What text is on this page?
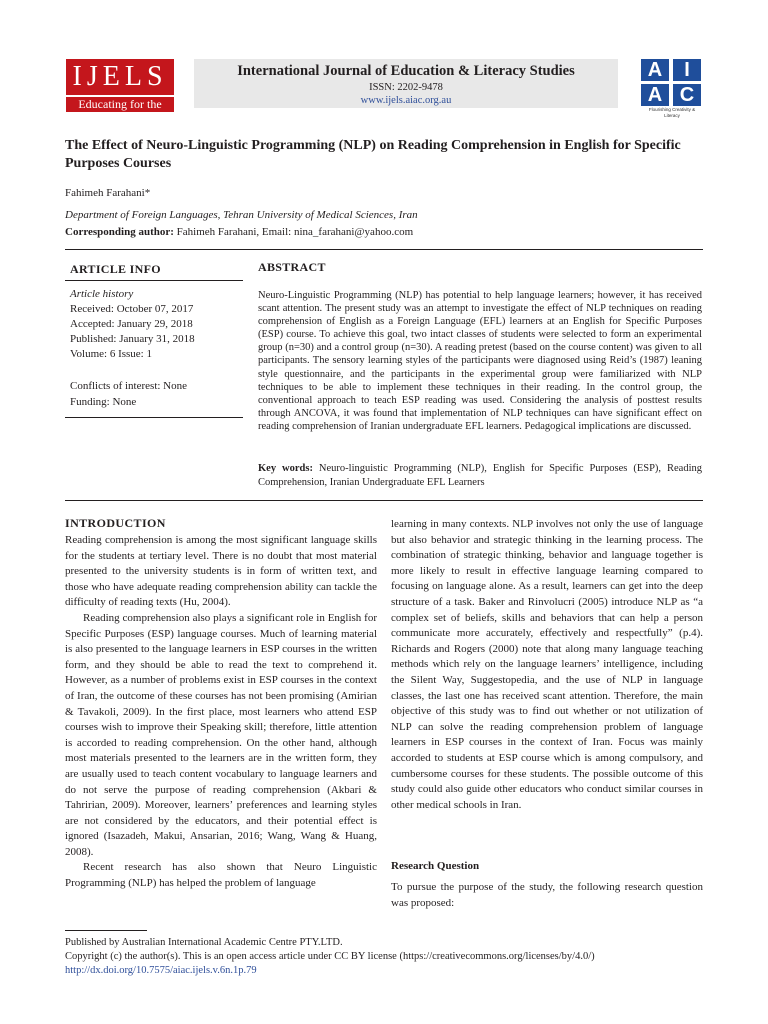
IJELS
Educating for the Future
International Journal of Education & Literacy Studies
ISSN: 2202-9478
www.ijels.aiac.org.au
A	I
A C
Flourishing Creativity & Literacy
The Effect of Neuro-Linguistic Programming (NLP) on Reading Comprehension in English for Specific Purposes Courses
Fahimeh Farahani*
Department of Foreign Languages, Tehran University of Medical Sciences, Iran
Corresponding author: Fahimeh Farahani, Email: nina_farahani@yahoo.com
ARTICLE INFO
Article history
Received: October 07, 2017
Accepted: January 29, 2018
Published: January 31, 2018
Volume: 6 Issue: 1
Conflicts of interest: None
Funding: None
ABSTRACT
Neuro-Linguistic Programming (NLP) has potential to help language learners; however, it has received scant attention. The present study was an attempt to investigate the effect of NLP techniques on reading comprehension of English as a Foreign Language (EFL) learners at an English for Specific Purposes (ESP) course. To achieve this goal, two intact classes of students were selected to form an experimental group (n=30) and a control group (n=30). A reading pretest (based on the course content) was given to all participants. The sensory learning styles of the participants were diagnosed using Reid’s (1987) leaning style questionnaire, and the participants in the experimental group were familiarized with NLP techniques to be able to implement these techniques in their reading. In the control group, the conventional approach to teach ESP reading was used. Considering the analysis of posttest results through ANCOVA, it was found that implementation of NLP techniques can have significant effect on reading comprehension of Iranian undergraduate EFL learners. Pedagogical implications are discussed.
Key words: Neuro-linguistic Programming (NLP), English for Specific Purposes (ESP), Reading Comprehension, Iranian Undergraduate EFL Learners
INTRODUCTION

Reading comprehension is among the most significant language skills for the students at tertiary level. There is no doubt that most material presented to the university students is in form of written text, and those who have adequate reading comprehension ability can tackle the difficulty of reading texts (Hu, 2004).

Reading comprehension also plays a significant role in English for Specific Purposes (ESP) language courses. Much of learning material is also presented to the language learners in ESP courses in the written form, and they should be able to read the text to comprehend it. However, as a number of problems exist in ESP courses in the context of Iran, the outcome of these courses has not been promising (Amirian & Tavakoli, 2009). In the first place, most learners who attend ESP courses wish to improve their Speaking skill; therefore, little attention is accorded to reading comprehension. On the other hand, although most materials presented to the learners are in the written form, they are usually used to teach content vocabulary to language learners and do not serve the purpose of reading comprehension (Akbari & Tahririan, 2009). Moreover, learners’ preferences and learning styles are not considered by the educators, and their potential effect is ignored (Isazadeh, Makui, Ansarian, 2016; Wang, Wang & Huang, 2008).

Recent research has also shown that Neuro Linguistic Programming (NLP) has helped the problem of language

learning in many contexts. NLP involves not only the use of language but also behavior and strategic thinking in the learning process. The combination of strategic thinking, behavior and language together is more likely to result in effective language learning compared to focusing on language alone. As a result, learners can get into the deep structure of a task. Baker and Rinvolucri (2005) introduce NLP as “a complex set of beliefs, skills and behaviors that can help a person communicate more accurately, effectively and respectfully” (p.4). Richards and Rogers (2000) note that along many language teaching methods which rely on the language learners’ intelligence, including the Silent Way, Suggestopedia, and the use of NLP in language classes, the last one has received scant attention. Therefore, the main objective of this study was to find out whether or not utilization of NLP can solve the reading comprehension problem of language learners in ESP courses in the context of Iran. Focus was mainly accorded to students at ESP course which is among compulsory, and cumbersome courses for these students. The possible outcome of this study could also guide other educators who conduct similar courses in other medical schools in Iran.

Research Question
To pursue the purpose of the study, the following research question was proposed:
Published by Australian International Academic Centre PTY.LTD.
Copyright (c) the author(s). This is an open access article under CC BY license (https://creativecommons.org/licenses/by/4.0/)
http://dx.doi.org/10.7575/aiac.ijels.v.6n.1p.79
